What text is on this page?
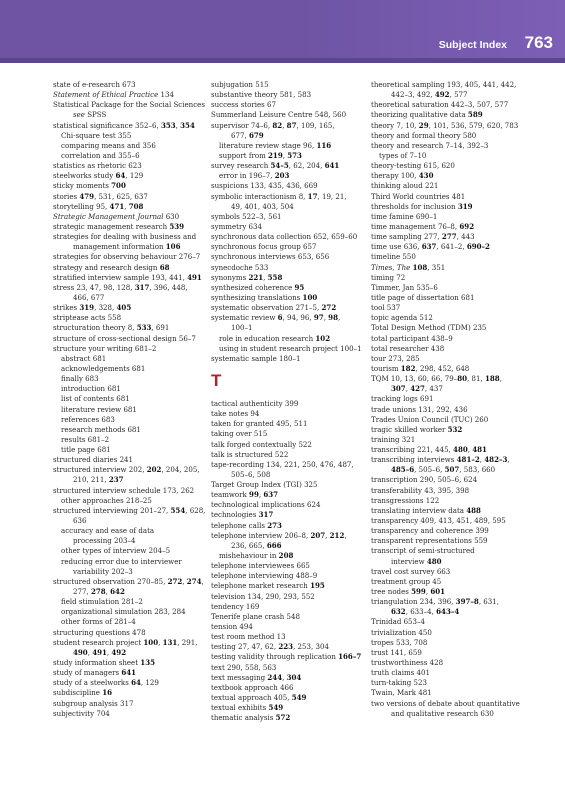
Subject Index 763
state of e-research 673
Statement of Ethical Practice 134
Statistical Package for the Social Sciences
see SPSS
statistical significance 352–6, 353, 354
Chi-square test 355
comparing means and 356
correlation and 355–6
statistics as rhetoric 623
steelworks study 64, 129
sticky moments 700
stories 479, 531, 625, 637
storytelling 95, 471, 708
Strategic Management Journal 630
strategic management research 539
strategies for dealing with business and
management information 106
strategies for observing behaviour 276–7
strategy and research design 68
stratified interview sample 193, 441, 491
stress 23, 47, 98, 128, 317, 396, 448,
466, 677
strikes 319, 328, 405
striptease acts 558
structuration theory 8, 533, 691
structure of cross-sectional design 56–7
structure your writing 681–2
abstract 681
acknowledgements 681
finally 683
introduction 681
list of contents 681
literature review 681
references 683
research methods 681
results 681–2
title page 681
structured diaries 241
structured interview 202, 202, 204, 205,
210, 211, 237
structured interview schedule 173, 262
other approaches 218–25
structured interviewing 201–27, 554, 628,
636
accuracy and ease of data
processing 203–4
other types of interview 204–5
reducing error due to interviewer
variability 202–3
structured observation 270–85, 272, 274,
277, 278, 642
field stimulation 281–2
organizational simulation 283, 284
other forms of 281–4
structuring questions 478
student research project 100, 131, 291,
490, 491, 492
study information sheet 135
study of managers 641
study of a steelworks 64, 129
subdiscipline 16
subgroup analysis 317
subjectivity 704
subjugation 515
substantive theory 581, 583
success stories 67
Summerland Leisure Centre 548, 560
supervisor 74–6, 82, 87, 109, 165,
677, 679
literature review stage 96, 116
support from 219, 573
survey research 54–5, 62, 204, 641
error in 196–7, 203
suspicions 133, 435, 436, 669
symbolic interactionism 8, 17, 19, 21,
49, 401, 403, 504
symbols 522–3, 561
symmetry 634
synchronous data collection 652, 659–60
synchronous focus group 657
synchronous interviews 653, 656
synecdoche 533
synonyms 221, 558
synthesized coherence 95
synthesizing translations 100
systematic observation 271–5, 272
systematic review 6, 94, 96, 97, 98,
100–1
role in education research 102
using in student research project 100–1
systematic sample 180–1
T
tactical authenticity 399
take notes 94
taken for granted 495, 511
taking over 515
talk forged contextually 522
talk is structured 522
tape-recording 134, 221, 250, 476, 487,
505–6, 508
Target Group Index (TGI) 325
teamwork 99, 637
technological implications 624
technologies 317
telephone calls 273
telephone interview 206–8, 207, 212,
236, 665, 666
mishehaviour in 208
telephone interviewees 665
telephone interviewing 488–9
telephone market research 195
television 134, 290, 293, 552
tendency 169
Tenerife plane crash 548
tension 494
test room method 13
testing 27, 47, 62, 223, 253, 304
testing validity through replication 166–7
text 290, 558, 563
text messaging 244, 304
textbook approach 466
textual approach 405, 549
textual exhibits 549
thematic analysis 572
theoretical sampling 193, 405, 441, 442,
442–3, 492, 492, 577
theoretical saturation 442–3, 507, 577
theorizing qualitative data 589
theory 7, 10, 29, 101, 536, 579, 620, 783
theory and formal theory 580
theory and research 7–14, 392–3
types of 7–10
theory-testing 615, 620
therapy 100, 430
thinking aloud 221
Third World countries 481
thresholds for inclusion 319
time famine 690–1
time management 76–8, 692
time sampling 277, 277, 443
time use 636, 637, 641–2, 690–2
timeline 550
Times, The 108, 351
timing 72
Timmer, Jan 535–6
title page of dissertation 681
tool 537
topic agenda 512
Total Design Method (TDM) 235
total participant 438–9
total researcher 438
tour 273, 285
tourism 182, 298, 452, 648
TQM 10, 13, 60, 66, 79–80, 81, 188,
307, 427, 437
tracking logs 691
trade unions 131, 292, 436
Trades Union Council (TUC) 260
tragic skilled worker 532
training 321
transcribing 221, 445, 480, 481
transcribing interviews 481–2, 482–3,
485–6, 505–6, 507, 583, 660
transcription 290, 505–6, 624
transferability 43, 395, 398
transgressions 122
translating interview data 488
transparency 409, 413, 451, 489, 595
transparency and coherence 399
transparent representations 559
transcript of semi-structured
interview 480
travel cost survey 663
treatment group 45
tree nodes 599, 601
triangulation 234, 396, 397–8, 631,
632, 633–4, 643–4
Trinidad 653–4
trivialization 450
tropes 533, 708
trust 141, 659
trustworthiness 428
truth claims 401
turn-taking 523
Twain, Mark 481
two versions of debate about quantitative
and qualitative research 630
